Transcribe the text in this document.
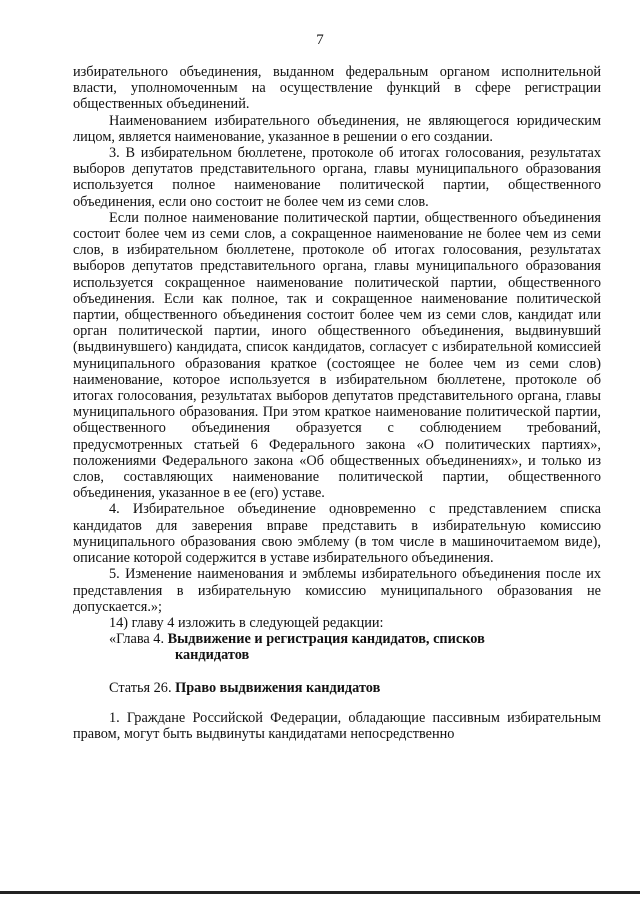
7

избирательного объединения, выданном федеральным органом исполнительной власти, уполномоченным на осуществление функций в сфере регистрации общественных объединений.

Наименованием избирательного объединения, не являющегося юридическим лицом, является наименование, указанное в решении о его создании.

3. В избирательном бюллетене, протоколе об итогах голосования, результатах выборов депутатов представительного органа, главы муниципального образования используется полное наименование политической партии, общественного объединения, если оно состоит не более чем из семи слов.

Если полное наименование политической партии, общественного объединения состоит более чем из семи слов, а сокращенное наименование не более чем из семи слов, в избирательном бюллетене, протоколе об итогах голосования, результатах выборов депутатов представительного органа, главы муниципального образования используется сокращенное наименование политической партии, общественного объединения. Если как полное, так и сокращенное наименование политической партии, общественного объединения состоит более чем из семи слов, кандидат или орган политической партии, иного общественного объединения, выдвинувший (выдвинувшего) кандидата, список кандидатов, согласует с избирательной комиссией муниципального образования краткое (состоящее не более чем из семи слов) наименование, которое используется в избирательном бюллетене, протоколе об итогах голосования, результатах выборов депутатов представительного органа, главы муниципального образования. При этом краткое наименование политической партии, общественного объединения образуется с соблюдением требований, предусмотренных статьей 6 Федерального закона «О политических партиях», положениями Федерального закона «Об общественных объединениях», и только из слов, составляющих наименование политической партии, общественного объединения, указанное в ее (его) уставе.

4. Избирательное объединение одновременно с представлением списка кандидатов для заверения вправе представить в избирательную комиссию муниципального образования свою эмблему (в том числе в машиночитаемом виде), описание которой содержится в уставе избирательного объединения.

5. Изменение наименования и эмблемы избирательного объединения после их представления в избирательную комиссию муниципального образования не допускается.»;

14) главу 4 изложить в следующей редакции:

«Глава 4. Выдвижение и регистрация кандидатов, списков

кандидатов

Статья 26. Право выдвижения кандидатов

1. Граждане Российской Федерации, обладающие пассивным избирательным правом, могут быть выдвинуты кандидатами непосредственно
